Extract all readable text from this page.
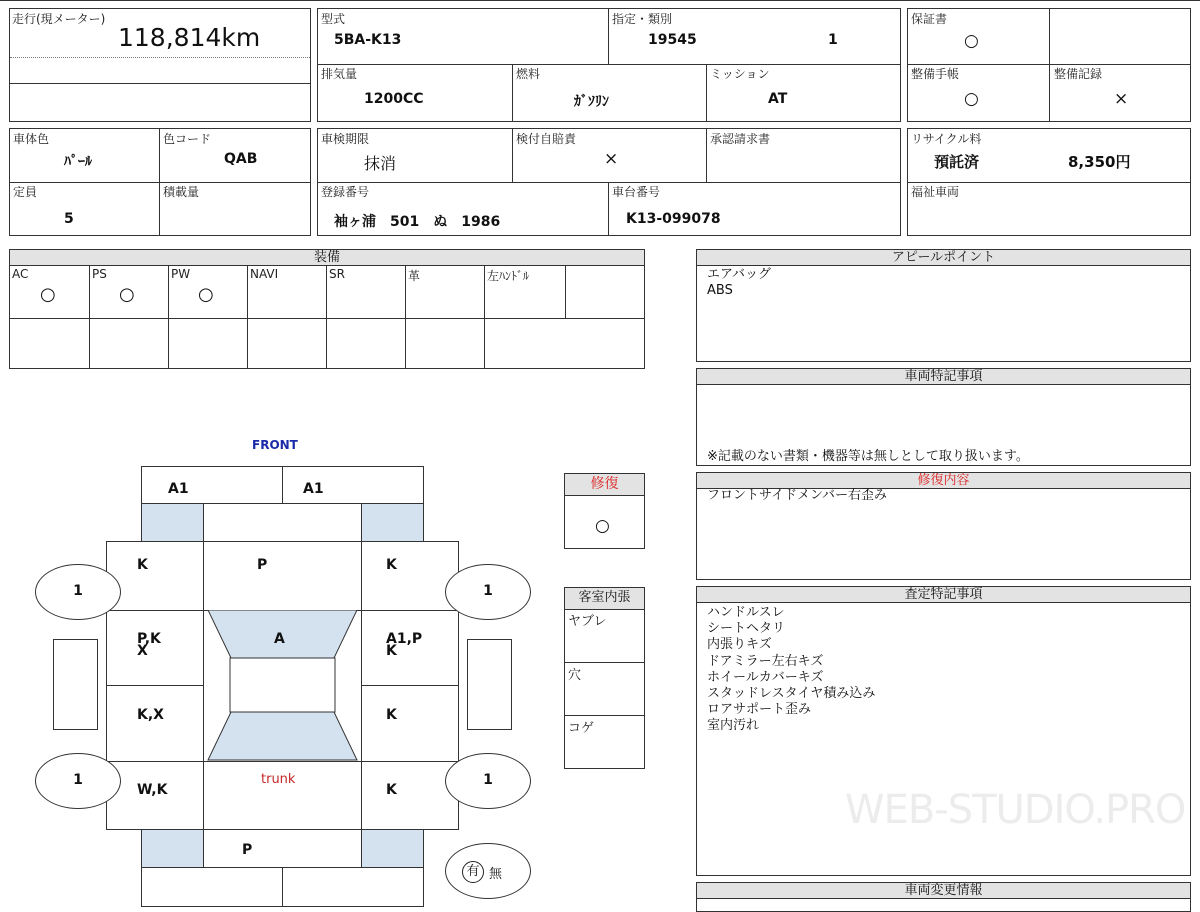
走行(現メーター)
118,814km
型式
5BA-K13
指定・類別
19545	1
排気量
1200CC
燃料
ｶﾞｿﾘﾝ
ミッション
AT
保証書
○
整備手帳
○
整備記録
×
車体色
ﾊﾟｰﾙ
色コード
QAB
定員
5
積載量
車検期限
抹消
検付自賠責
×
承認請求書
登録番号
袖ヶ浦　501　ぬ　1986
車台番号
K13-099078
リサイクル料
預託済	8,350円
福祉車両
装備
AC
○
PS
○
PW
○
NAVI	SR	革	左ﾊﾝﾄﾞﾙ
アピールポイント
エアバッグ
ABS
車両特記事項
※記載のない書類・機器等は無しとして取り扱います。
修復内容
フロントサイドメンバー右歪み
査定特記事項
ハンドルスレ
シートヘタリ
内張りキズ
ドアミラー左右キズ
ホイールカバーキズ
スタッドレスタイヤ積み込み
ロアサポート歪み
室内汚れ
WEB-STUDIO.PRO
車両変更情報
修復
○
客室内張
ヤブレ
穴
コゲ
FRONT
A1	A1
K	P	K
P,K
X
A1,P
K
K,X	K
W,K
trunk
K
A
P
1	1
1	1
有 無
